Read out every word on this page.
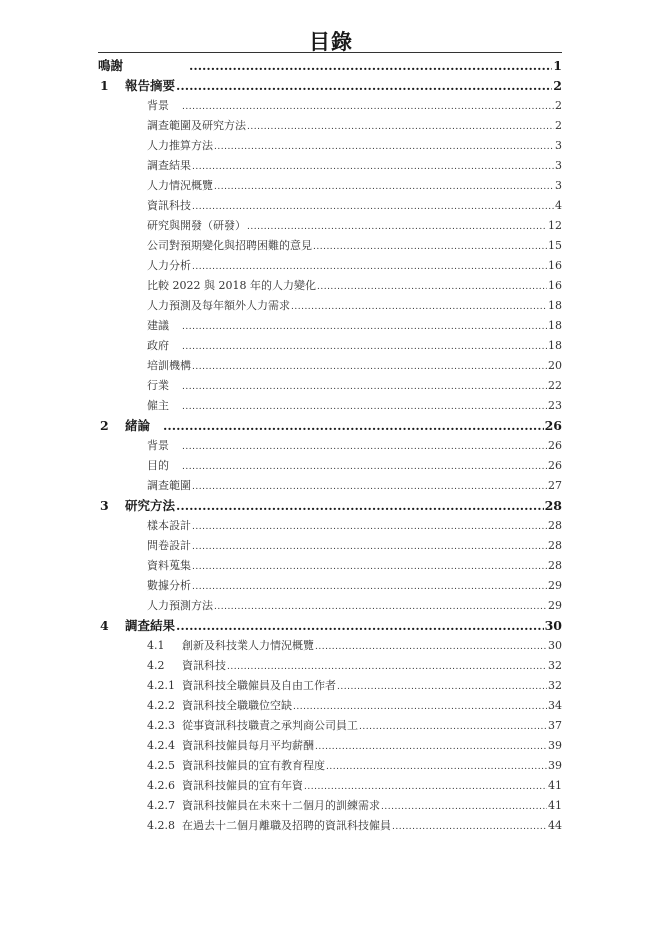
目錄
鳴謝 .....	1
1 報告摘要 .....	2
背景 .....	2
調查範圍及研究方法 .....	2
人力推算方法 .....	3
調查結果 .....	3
人力情況概覽 .....	3
資訊科技 .....	4
研究與開發（研發） .....	12
公司對預期變化與招聘困難的意見 .....	15
人力分析 .....	16
比較 2022 與 2018 年的人力變化 .....	16
人力預測及每年額外人力需求 .....	18
建議 .....	18
政府 .....	18
培訓機構 .....	20
行業 .....	22
僱主 .....	23
2 緒論 .....	26
背景 .....	26
目的 .....	26
調查範圍 .....	27
3 研究方法 .....	28
樣本設計 .....	28
問卷設計 .....	28
資料蒐集 .....	28
數據分析 .....	29
人力預測方法 .....	29
4 調查結果 .....	30
4.1 創新及科技業人力情況概覽 .....	30
4.2 資訊科技 .....	32
4.2.1 資訊科技全職僱員及自由工作者 .....	32
4.2.2 資訊科技全職職位空缺 .....	34
4.2.3 從事資訊科技職責之承判商公司員工 .....	37
4.2.4 資訊科技僱員每月平均薪酬 .....	39
4.2.5 資訊科技僱員的宜有教育程度 .....	39
4.2.6 資訊科技僱員的宜有年資 .....	41
4.2.7 資訊科技僱員在未來十二個月的訓練需求 .....	41
4.2.8 在過去十二個月離職及招聘的資訊科技僱員 .....	44
